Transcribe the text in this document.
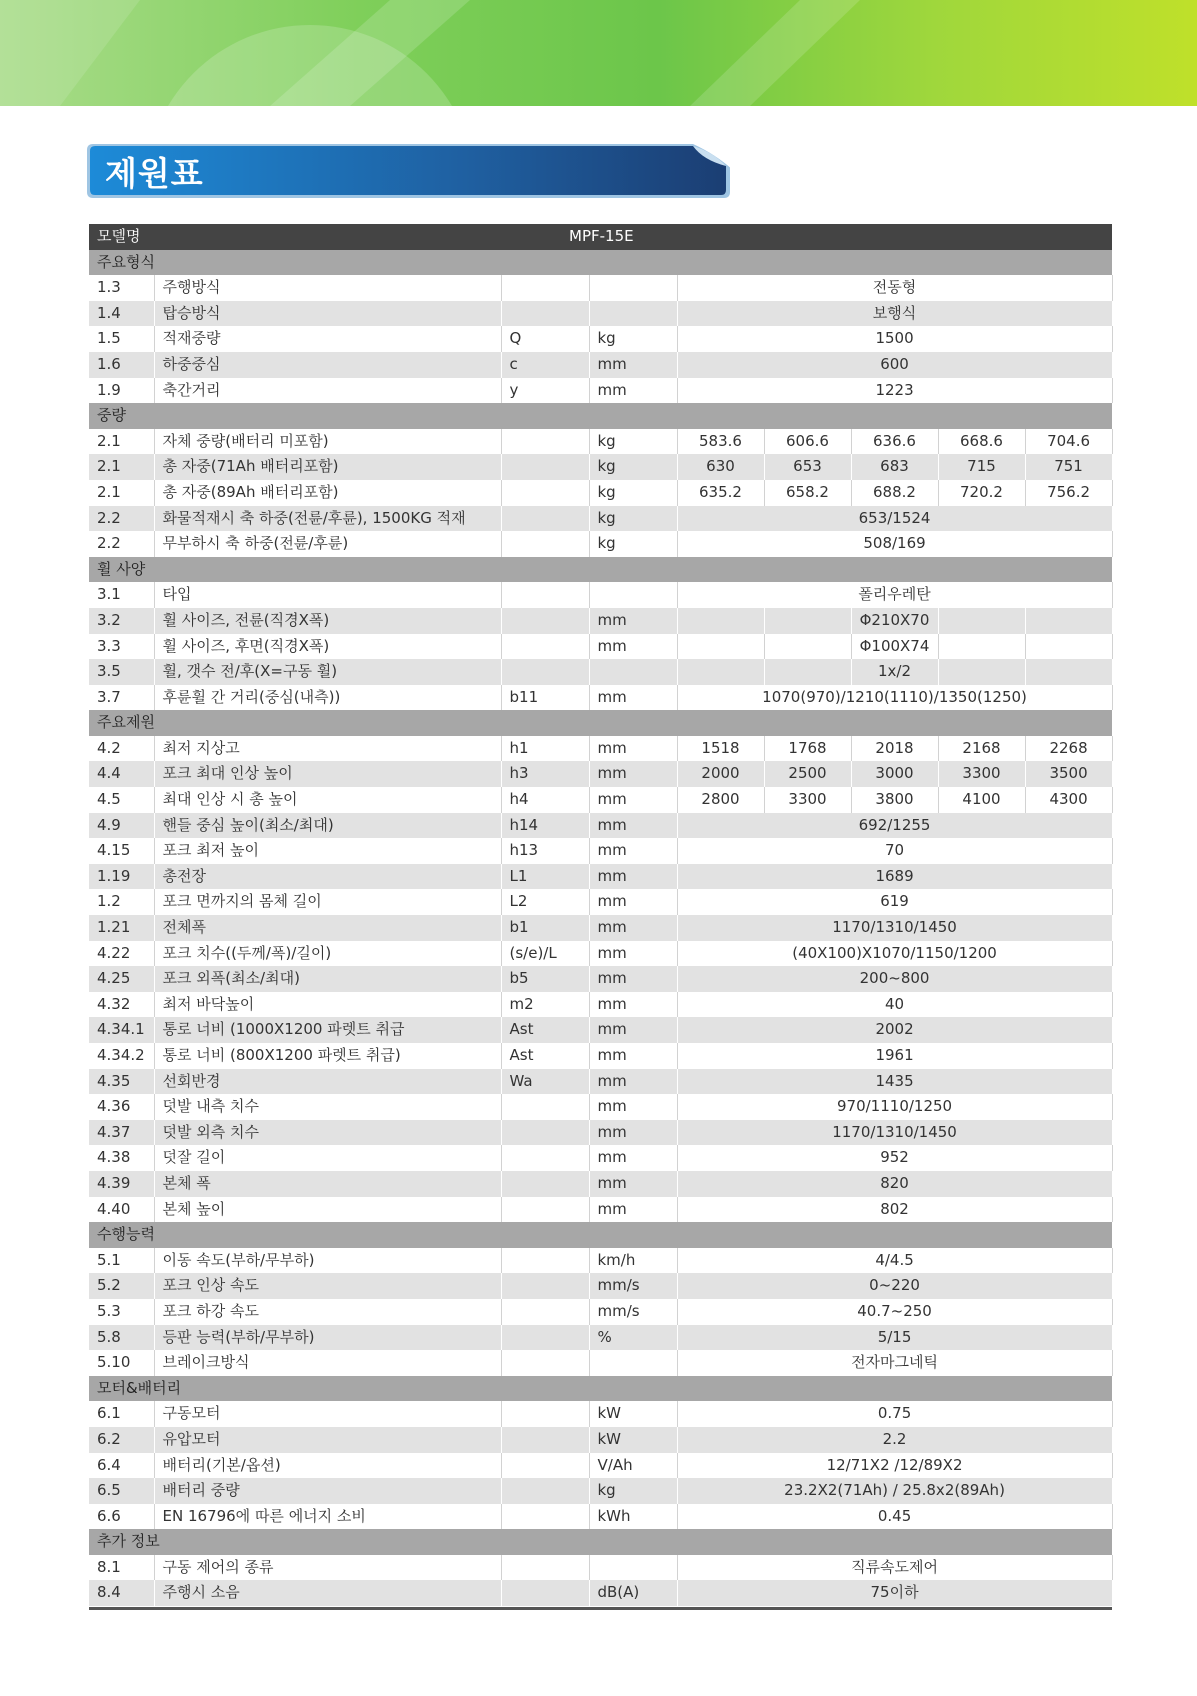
제원표
모델명	MPF-15E							
주요형식								
1.3	주행방식			전동형				
1.4	탑승방식			보행식				
1.5	적재중량	Q	kg	1500				
1.6	하중중심	c	mm	600				
1.9	축간거리	y	mm	1223				
중량								
2.1	자체 중량(배터리 미포함)		kg	583.6	606.6	636.6	668.6	704.6
2.1	총 자중(71Ah 배터리포함)		kg	630	653	683	715	751
2.1	총 자중(89Ah 배터리포함)		kg	635.2	658.2	688.2	720.2	756.2
2.2	화물적재시 축 하중(전륜/후륜), 1500KG 적재		kg	653/1524				
2.2	무부하시 축 하중(전륜/후륜)		kg	508/169				
휠 사양								
3.1	타입			폴리우레탄				
3.2	휠 사이즈, 전륜(직경X폭)		mm			Φ210X70		
3.3	휠 사이즈, 후면(직경X폭)		mm			Φ100X74		
3.5	휠, 갯수 전/후(X=구동 휠)					1x/2		
3.7	후륜휠 간 거리(중심(내측))	b11	mm	1070(970)/1210(1110)/1350(1250)				
주요제원								
4.2	최저 지상고	h1	mm	1518	1768	2018	2168	2268
4.4	포크 최대 인상 높이	h3	mm	2000	2500	3000	3300	3500
4.5	최대 인상 시 총 높이	h4	mm	2800	3300	3800	4100	4300
4.9	핸들 중심 높이(최소/최대)	h14	mm	692/1255				
4.15	포크 최저 높이	h13	mm	70				
1.19	총전장	L1	mm	1689				
1.2	포크 면까지의 몸체 길이	L2	mm	619				
1.21	전체폭	b1	mm	1170/1310/1450				
4.22	포크 치수((두께/폭)/길이)	(s/e)/L	mm	(40X100)X1070/1150/1200				
4.25	포크 외폭(최소/최대)	b5	mm	200~800				
4.32	최저 바닥높이	m2	mm	40				
4.34.1	통로 너비 (1000X1200 파렛트 취급	Ast	mm	2002				
4.34.2	통로 너비 (800X1200 파렛트 취급)	Ast	mm	1961				
4.35	선회반경	Wa	mm	1435				
4.36	덧발 내측 치수		mm	970/1110/1250				
4.37	덧발 외측 치수		mm	1170/1310/1450				
4.38	덧잘 길이		mm	952				
4.39	본체 폭		mm	820				
4.40	본체 높이		mm	802				
수행능력								
5.1	이동 속도(부하/무부하)		km/h	4/4.5				
5.2	포크 인상 속도		mm/s	0~220				
5.3	포크 하강 속도		mm/s	40.7~250				
5.8	등판 능력(부하/무부하)		%	5/15				
5.10	브레이크방식			전자마그네틱				
모터&배터리								
6.1	구동모터		kW	0.75				
6.2	유압모터		kW	2.2				
6.4	배터리(기본/옵션)		V/Ah	12/71X2 /12/89X2				
6.5	배터리 중량		kg	23.2X2(71Ah) / 25.8x2(89Ah)				
6.6	EN 16796에 따른 에너지 소비		kWh	0.45				
추가 정보								
8.1	구동 제어의 종류			직류속도제어				
8.4	주행시 소음		dB(A)	75이하				
